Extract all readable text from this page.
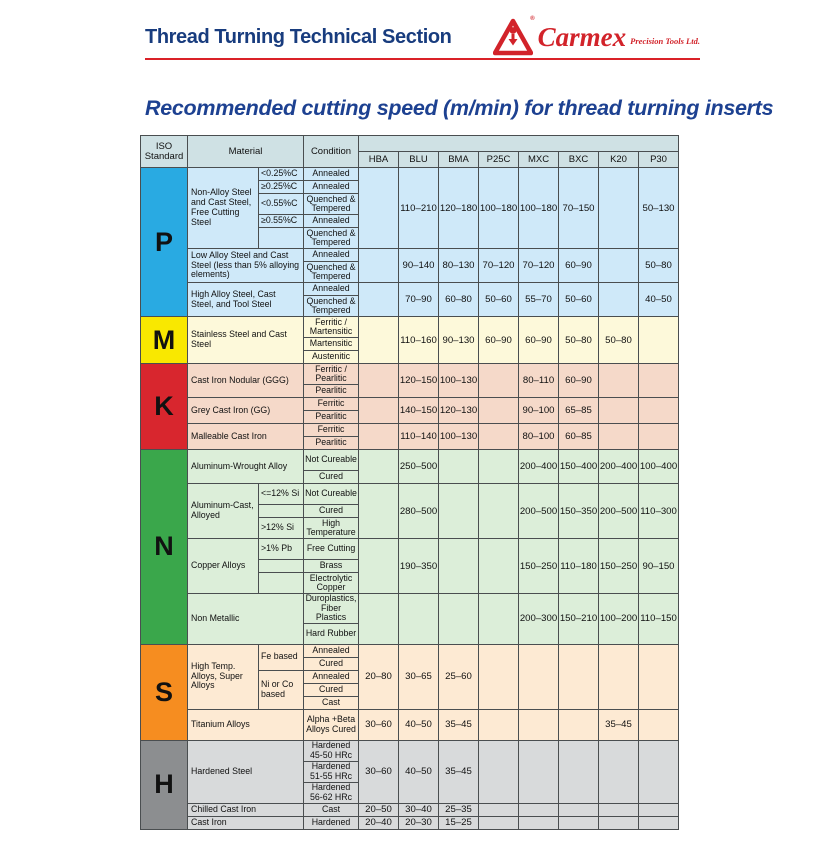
Thread Turning Technical Section
®
Carmex Precision Tools Ltd.
Recommended cutting speed (m/min) for thread turning inserts
ISO Standard	Material		Condition								
				HBA	BLU	BMA	P25C	MXC	BXC	K20	P30
P	Non-Alloy Steel and Cast Steel, Free Cutting Steel	<0.25%C	Annealed		110–210	120–180	100–180	100–180	70–150		50–130
		≥0.25%C	Annealed								
		<0.55%C	Quenched & Tempered								
		≥0.55%C	Annealed								
			Quenched & Tempered								
	Low Alloy Steel and Cast Steel (less than 5% alloying elements)		Annealed		90–140	80–130	70–120	70–120	60–90		50–80
			Quenched & Tempered								
	High Alloy Steel, Cast Steel, and Tool Steel		Annealed		70–90	60–80	50–60	55–70	50–60		40–50
			Quenched & Tempered								
M	Stainless Steel and Cast Steel		Ferritic / Martensitic		110–160	90–130	60–90	60–90	50–80	50–80	
			Martensitic								
			Austenitic								
K	Cast Iron Nodular (GGG)		Ferritic / Pearlitic		120–150	100–130		80–110	60–90		
			Pearlitic								
	Grey Cast Iron (GG)		Ferritic		140–150	120–130		90–100	65–85		
			Pearlitic								
	Malleable Cast Iron		Ferritic		110–140	100–130		80–100	60–85		
			Pearlitic								
N	Aluminum-Wrought Alloy		Not Cureable		250–500			200–400	150–400	200–400	100–400
			Cured								
	Aluminum-Cast, Alloyed	<=12% Si	Not Cureable		280–500			200–500	150–350	200–500	110–300
			Cured								
		>12% Si	High Temperature								
	Copper Alloys	>1% Pb	Free Cutting		190–350			150–250	110–180	150–250	90–150
			Brass								
			Electrolytic Copper								
	Non Metallic		Duroplastics, Fiber Plastics					200–300	150–210	100–200	110–150
			Hard Rubber								
S	High Temp. Alloys, Super Alloys	Fe based	Annealed	20–80	30–65	25–60					
			Cured								
		Ni or Co based	Annealed								
			Cured								
			Cast								
	Titanium Alloys		Alpha +Beta Alloys Cured	30–60	40–50	35–45				35–45	
H	Hardened Steel		Hardened 45-50 HRc	30–60	40–50	35–45					
			Hardened 51-55 HRc								
			Hardened 56-62 HRc								
	Chilled Cast Iron		Cast	20–50	30–40	25–35					
	Cast Iron		Hardened	20–40	20–30	15–25					
